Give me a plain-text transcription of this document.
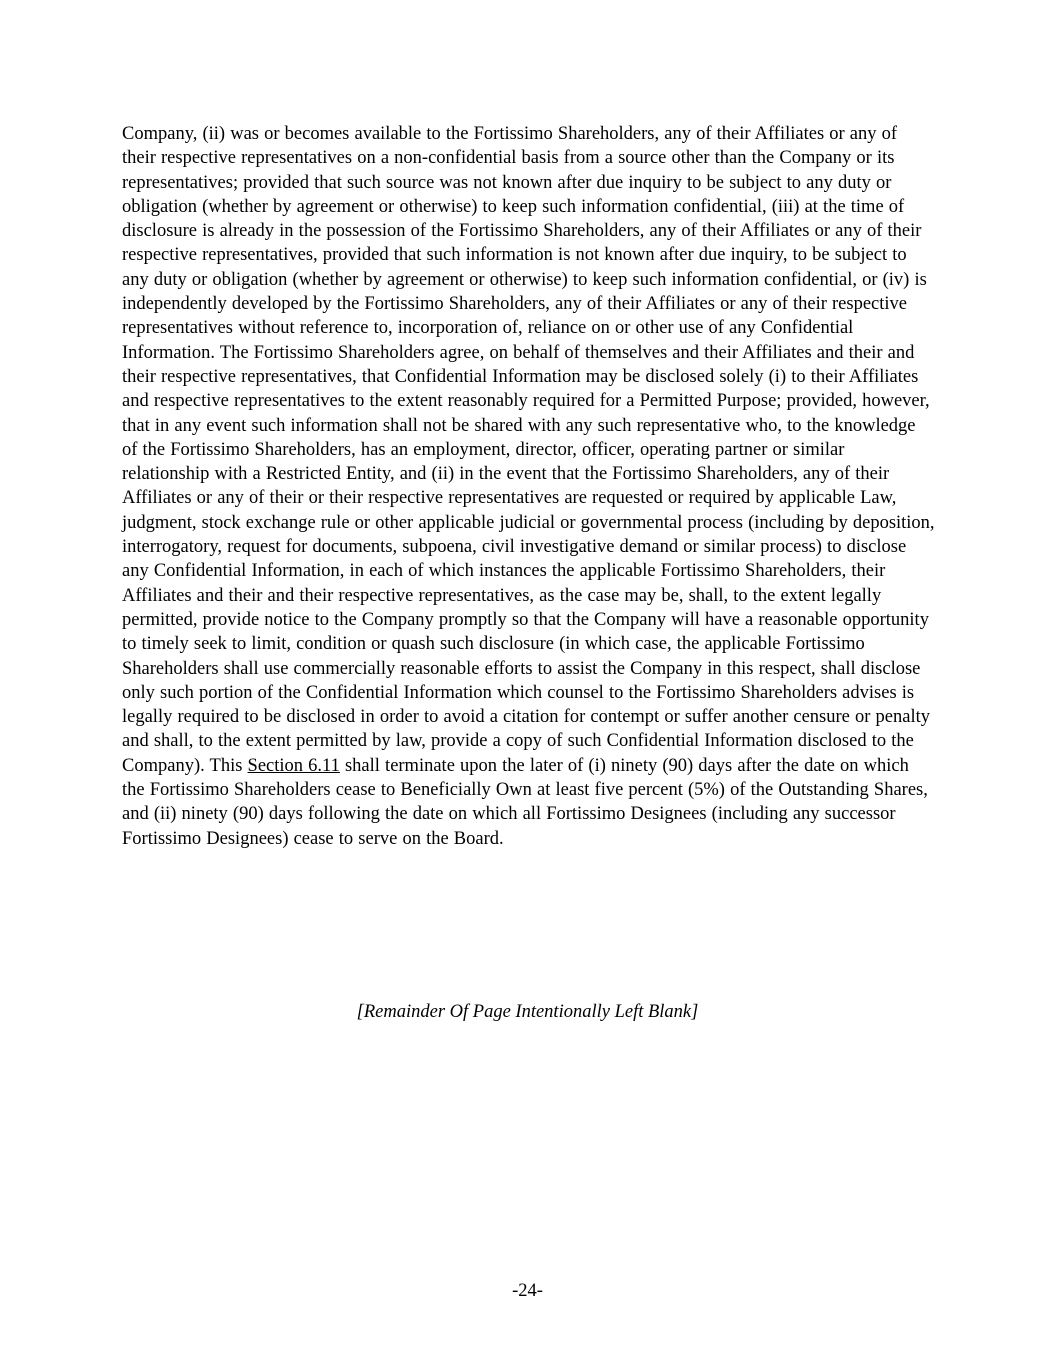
Company, (ii) was or becomes available to the Fortissimo Shareholders, any of their Affiliates or any of their respective representatives on a non-confidential basis from a source other than the Company or its representatives; provided that such source was not known after due inquiry to be subject to any duty or obligation (whether by agreement or otherwise) to keep such information confidential, (iii) at the time of disclosure is already in the possession of the Fortissimo Shareholders, any of their Affiliates or any of their respective representatives, provided that such information is not known after due inquiry, to be subject to any duty or obligation (whether by agreement or otherwise) to keep such information confidential, or (iv) is independently developed by the Fortissimo Shareholders, any of their Affiliates or any of their respective representatives without reference to, incorporation of, reliance on or other use of any Confidential Information. The Fortissimo Shareholders agree, on behalf of themselves and their Affiliates and their and their respective representatives, that Confidential Information may be disclosed solely (i) to their Affiliates and respective representatives to the extent reasonably required for a Permitted Purpose; provided, however, that in any event such information shall not be shared with any such representative who, to the knowledge of the Fortissimo Shareholders, has an employment, director, officer, operating partner or similar relationship with a Restricted Entity, and (ii) in the event that the Fortissimo Shareholders, any of their Affiliates or any of their or their respective representatives are requested or required by applicable Law, judgment, stock exchange rule or other applicable judicial or governmental process (including by deposition, interrogatory, request for documents, subpoena, civil investigative demand or similar process) to disclose any Confidential Information, in each of which instances the applicable Fortissimo Shareholders, their Affiliates and their and their respective representatives, as the case may be, shall, to the extent legally permitted, provide notice to the Company promptly so that the Company will have a reasonable opportunity to timely seek to limit, condition or quash such disclosure (in which case, the applicable Fortissimo Shareholders shall use commercially reasonable efforts to assist the Company in this respect, shall disclose only such portion of the Confidential Information which counsel to the Fortissimo Shareholders advises is legally required to be disclosed in order to avoid a citation for contempt or suffer another censure or penalty and shall, to the extent permitted by law, provide a copy of such Confidential Information disclosed to the Company). This Section 6.11 shall terminate upon the later of (i) ninety (90) days after the date on which the Fortissimo Shareholders cease to Beneficially Own at least five percent (5%) of the Outstanding Shares, and (ii) ninety (90) days following the date on which all Fortissimo Designees (including any successor Fortissimo Designees) cease to serve on the Board.

[Remainder Of Page Intentionally Left Blank]

-24-
